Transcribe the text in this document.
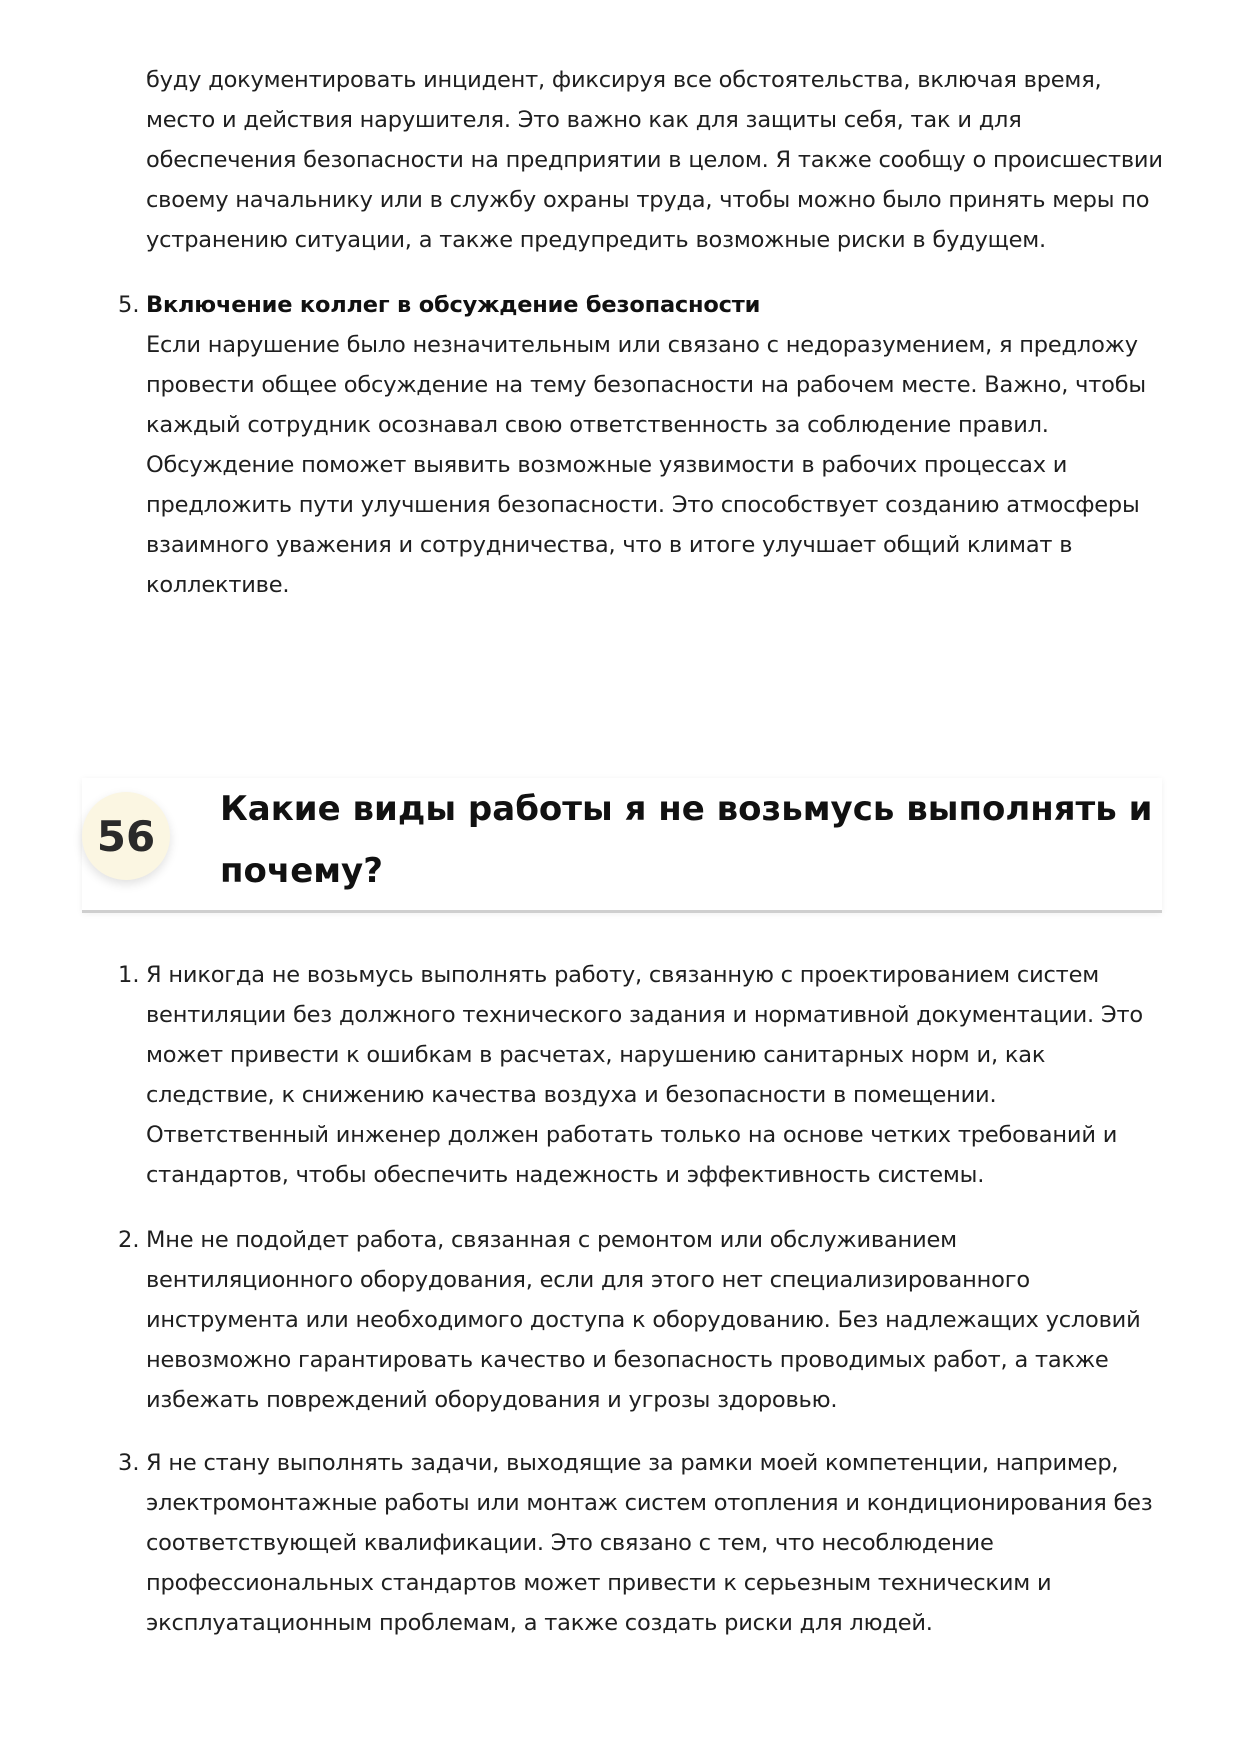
буду документировать инцидент, фиксируя все обстоятельства, включая время, место и действия нарушителя. Это важно как для защиты себя, так и для обеспечения безопасности на предприятии в целом. Я также сообщу о происшествии своему начальнику или в службу охраны труда, чтобы можно было принять меры по устранению ситуации, а также предупредить возможные риски в будущем.

5. Включение коллег в обсуждение безопасности
Если нарушение было незначительным или связано с недоразумением, я предложу провести общее обсуждение на тему безопасности на рабочем месте. Важно, чтобы каждый сотрудник осознавал свою ответственность за соблюдение правил. Обсуждение поможет выявить возможные уязвимости в рабочих процессах и предложить пути улучшения безопасности. Это способствует созданию атмосферы взаимного уважения и сотрудничества, что в итоге улучшает общий климат в коллективе.
56
Какие виды работы я не возьмусь выполнять и почему?
1. Я никогда не возьмусь выполнять работу, связанную с проектированием систем вентиляции без должного технического задания и нормативной документации. Это может привести к ошибкам в расчетах, нарушению санитарных норм и, как следствие, к снижению качества воздуха и безопасности в помещении. Ответственный инженер должен работать только на основе четких требований и стандартов, чтобы обеспечить надежность и эффективность системы.

2. Мне не подойдет работа, связанная с ремонтом или обслуживанием вентиляционного оборудования, если для этого нет специализированного инструмента или необходимого доступа к оборудованию. Без надлежащих условий невозможно гарантировать качество и безопасность проводимых работ, а также избежать повреждений оборудования и угрозы здоровью.

3. Я не стану выполнять задачи, выходящие за рамки моей компетенции, например, электромонтажные работы или монтаж систем отопления и кондиционирования без соответствующей квалификации. Это связано с тем, что несоблюдение профессиональных стандартов может привести к серьезным техническим и эксплуатационным проблемам, а также создать риски для людей.
